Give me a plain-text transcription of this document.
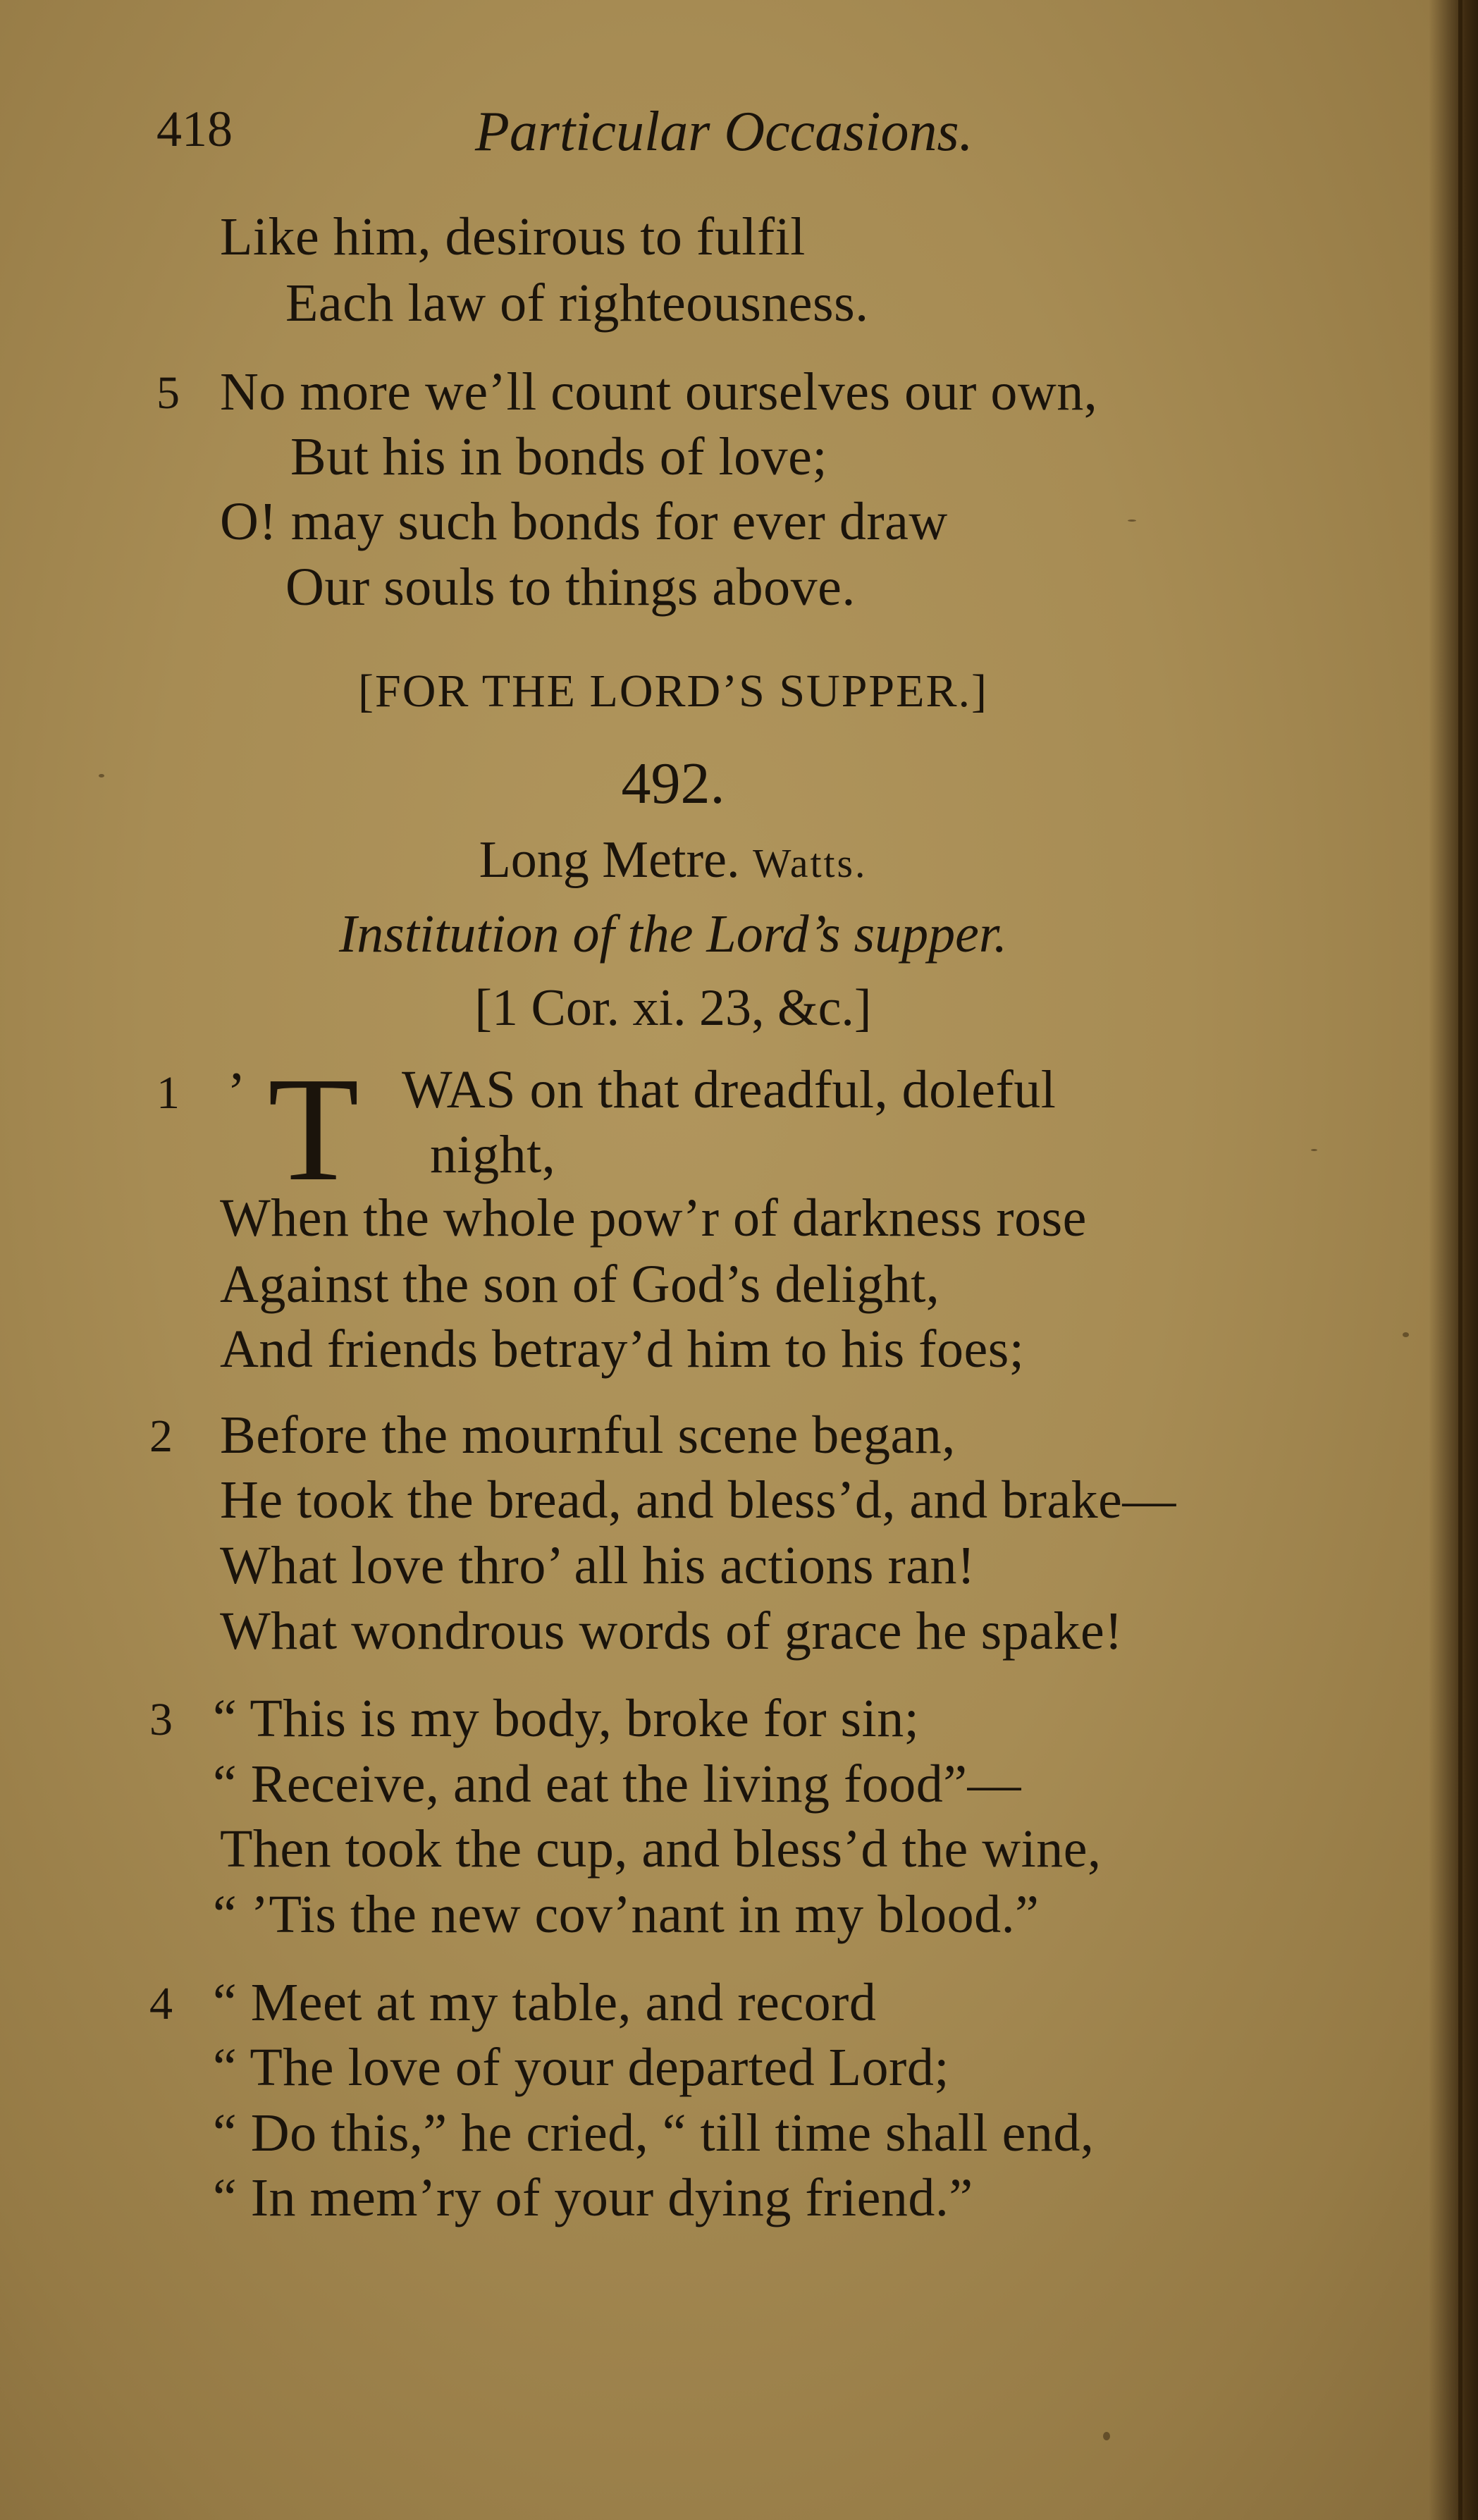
418	Particular Occasions.
Like him, desirous to fulfil
Each law of righteousness.
5 No more we’ll count ourselves our own,
But his in bonds of love;
O! may such bonds for ever draw
Our souls to things above.
[FOR THE LORD’S SUPPER.]
492.
Long Metre. Watts.
Institution of the Lord’s supper.
[1 Cor. xi. 23, &c.]
1 ’ T WAS on that dreadful, doleful
night,
When the whole pow’r of darkness rose
Against the son of God’s delight,
And friends betray’d him to his foes;
2 Before the mournful scene began,
He took the bread, and bless’d, and brake—
What love thro’ all his actions ran!
What wondrous words of grace he spake!
3 “ This is my body, broke for sin;
“ Receive, and eat the living food”—
Then took the cup, and bless’d the wine,
“ ’Tis the new cov’nant in my blood.”
4 “ Meet at my table, and record
“ The love of your departed Lord;
“ Do this,” he cried, “ till time shall end,
“ In mem’ry of your dying friend.”
